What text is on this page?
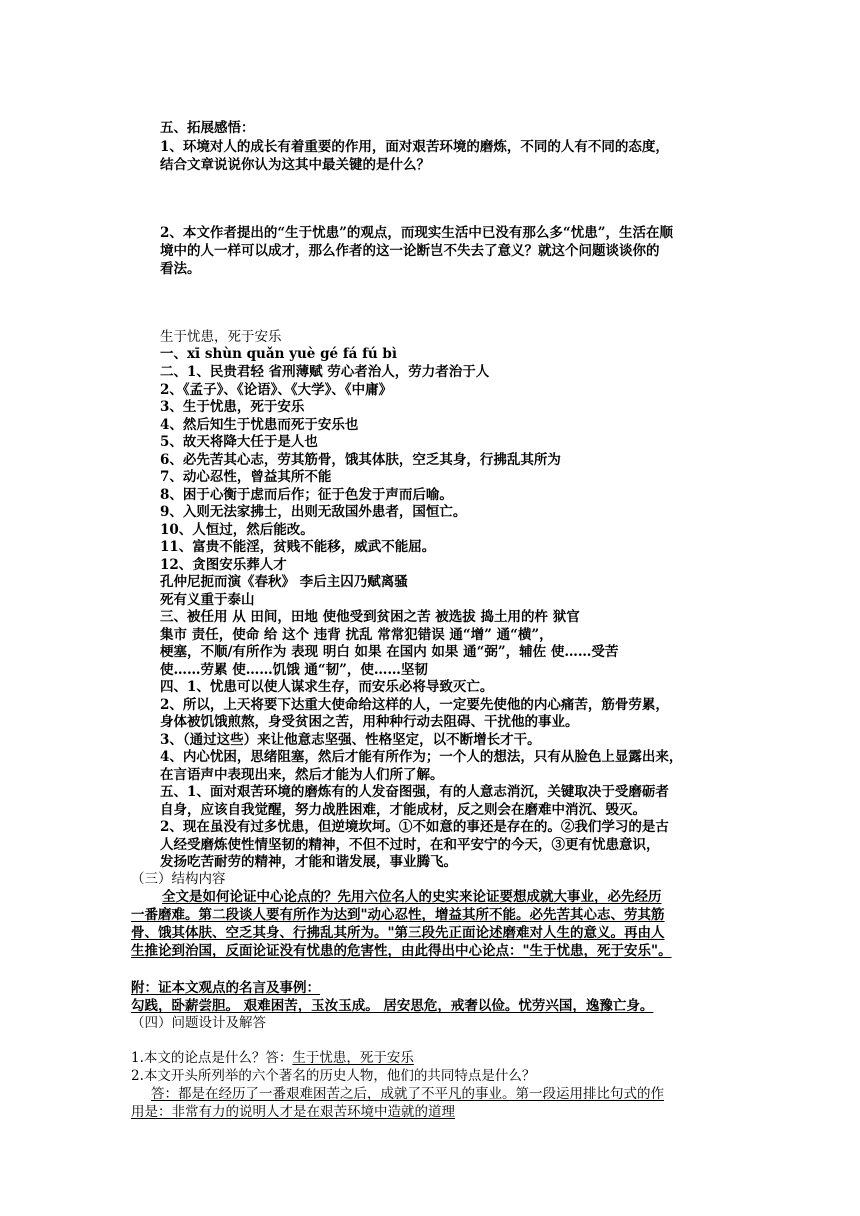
五、拓展感悟：
1、环境对人的成长有着重要的作用，面对艰苦环境的磨炼，不同的人有不同的态度，
结合文章说说你认为这其中最关键的是什么？
2、本文作者提出的“生于忧患”的观点，而现实生活中已没有那么多“忧患”，生活在顺
境中的人一样可以成才，那么作者的这一论断岂不失去了意义？就这个问题谈谈你的
看法。
生于忧患，死于安乐
一、xī shùn quǎn yuè gé fá fú bì
二、1、民贵君轻 省刑薄赋 劳心者治人，劳力者治于人
2、《孟子》、《论语》、《大学》、《中庸》
3、生于忧患，死于安乐
4、然后知生于忧患而死于安乐也
5、故天将降大任于是人也
6、必先苦其心志，劳其筋骨，饿其体肤，空乏其身，行拂乱其所为
7、动心忍性，曾益其所不能
8、困于心衡于虑而后作；征于色发于声而后喻。
9、入则无法家拂士，出则无敌国外患者，国恒亡。
10、人恒过，然后能改。
11、富贵不能淫，贫贱不能移，威武不能屈。
12、贪图安乐葬人才
孔仲尼扼而演《春秋》 李后主囚乃赋离骚
死有义重于泰山
三、被任用 从 田间，田地 使他受到贫困之苦 被选拔 捣土用的杵 狱官
集市 责任，使命 给 这个 违背 扰乱 常常犯错误 通“增” 通“横”，
梗塞，不顺/有所作为 表现 明白 如果 在国内 如果 通“弼”，辅佐 使……受苦
使……劳累 使……饥饿 通“韧”，使……坚韧
四、1、忧患可以使人谋求生存，而安乐必将导致灭亡。
2、所以，上天将要下达重大使命给这样的人，一定要先使他的内心痛苦，筋骨劳累，
身体被饥饿煎熬，身受贫困之苦，用种种行动去阻碍、干扰他的事业。
3、（通过这些）来让他意志坚强、性格坚定，以不断增长才干。
4、内心忧困，思绪阻塞，然后才能有所作为；一个人的想法，只有从脸色上显露出来，
在言语声中表现出来，然后才能为人们所了解。
五、1、面对艰苦环境的磨炼有的人发奋图强，有的人意志消沉，关键取决于受磨砺者
自身，应该自我觉醒，努力战胜困难，才能成材，反之则会在磨难中消沉、毁灭。
2、现在虽没有过多忧患，但逆境坎坷。①不如意的事还是存在的。②我们学习的是古
人经受磨炼使性情坚韧的精神，不但不过时，在和平安宁的今天，③更有忧患意识，
发扬吃苦耐劳的精神，才能和谐发展，事业腾飞。
（三）结构内容
全文是如何论证中心论点的？先用六位名人的史实来论证要想成就大事业，必先经历
一番磨难。第二段谈人要有所作为达到"动心忍性，增益其所不能。必先苦其心志、劳其筋
骨、饿其体肤、空乏其身、行拂乱其所为。"第三段先正面论述磨难对人生的意义。再由人
生推论到治国，反面论证没有忧患的危害性，由此得出中心论点："生于忧患，死于安乐"。
附：证本文观点的名言及事例：
勾践，卧薪尝胆。 艰难困苦，玉汝玉成。 居安思危，戒奢以俭。忧劳兴国，逸豫亡身。
（四）问题设计及解答
1.本文的论点是什么？答：生于忧患，死于安乐
2.本文开头所列举的六个著名的历史人物，他们的共同特点是什么？
答：都是在经历了一番艰难困苦之后，成就了不平凡的事业。第一段运用排比句式的作
用是：非常有力的说明人才是在艰苦环境中造就的道理
